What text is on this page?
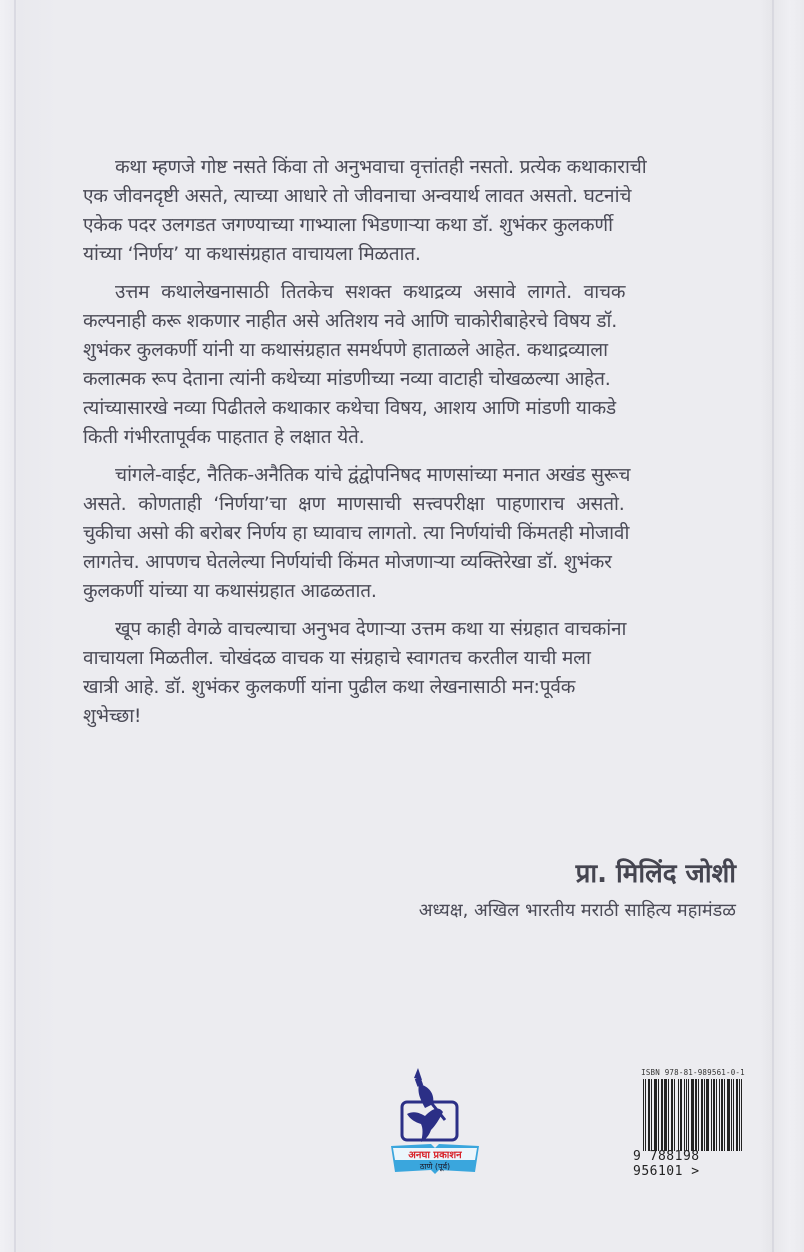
कथा म्हणजे गोष्ट नसते किंवा तो अनुभवाचा वृत्तांतही नसतो. प्रत्येक कथाकाराची
एक जीवनदृष्टी असते, त्याच्या आधारे तो जीवनाचा अन्वयार्थ लावत असतो. घटनांचे
एकेक पदर उलगडत जगण्याच्या गाभ्याला भिडणाऱ्या कथा डॉ. शुभंकर कुलकर्णी
यांच्या ‘निर्णय’ या कथासंग्रहात वाचायला मिळतात.

उत्तम कथालेखनासाठी तितकेच सशक्त कथाद्रव्य असावे लागते. वाचक
कल्पनाही करू शकणार नाहीत असे अतिशय नवे आणि चाकोरीबाहेरचे विषय डॉ.
शुभंकर कुलकर्णी यांनी या कथासंग्रहात समर्थपणे हाताळले आहेत. कथाद्रव्याला
कलात्मक रूप देताना त्यांनी कथेच्या मांडणीच्या नव्या वाटाही चोखळल्या आहेत.
त्यांच्यासारखे नव्या पिढीतले कथाकार कथेचा विषय, आशय आणि मांडणी याकडे
किती गंभीरतापूर्वक पाहतात हे लक्षात येते.

चांगले-वाईट, नैतिक-अनैतिक यांचे द्वंद्वोपनिषद माणसांच्या मनात अखंड सुरूच
असते. कोणताही ‘निर्णया’चा क्षण माणसाची सत्त्वपरीक्षा पाहणाराच असतो.
चुकीचा असो की बरोबर निर्णय हा घ्यावाच लागतो. त्या निर्णयांची किंमतही मोजावी
लागतेच. आपणच घेतलेल्या निर्णयांची किंमत मोजणाऱ्या व्यक्तिरेखा डॉ. शुभंकर
कुलकर्णी यांच्या या कथासंग्रहात आढळतात.

खूप काही वेगळे वाचल्याचा अनुभव देणाऱ्या उत्तम कथा या संग्रहात वाचकांना
वाचायला मिळतील. चोखंदळ वाचक या संग्रहाचे स्वागतच करतील याची मला
खात्री आहे. डॉ. शुभंकर कुलकर्णी यांना पुढील कथा लेखनासाठी मन:पूर्वक
शुभेच्छा!

प्रा. मिलिंद जोशी
अध्यक्ष, अखिल भारतीय मराठी साहित्य महामंडळ
अनघा प्रकाशन
ठाणे (पूर्व)
ISBN 978-81-989561-0-1
9 788198 956101 >
